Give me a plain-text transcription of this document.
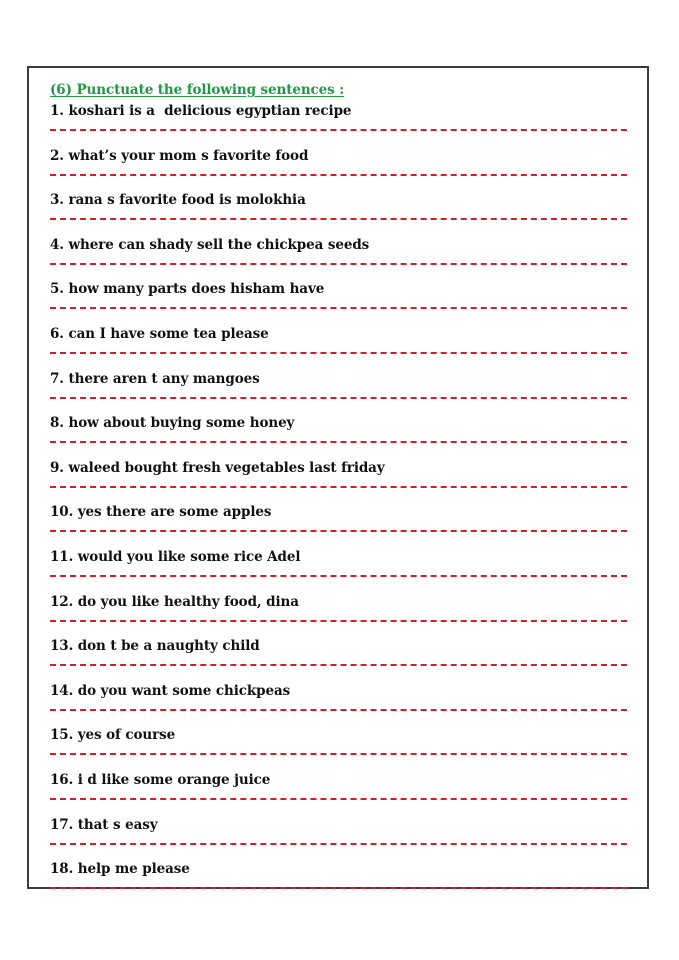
(6) Punctuate the following sentences :

1. koshari is a  delicious egyptian recipe
2. what’s your mom s favorite food
3. rana s favorite food is molokhia
4. where can shady sell the chickpea seeds
5. how many parts does hisham have
6. can I have some tea please
7. there aren t any mangoes
8. how about buying some honey
9. waleed bought fresh vegetables last friday
10. yes there are some apples
11. would you like some rice Adel
12. do you like healthy food, dina
13. don t be a naughty child
14. do you want some chickpeas
15. yes of course
16. i d like some orange juice
17. that s easy
18. help me please
